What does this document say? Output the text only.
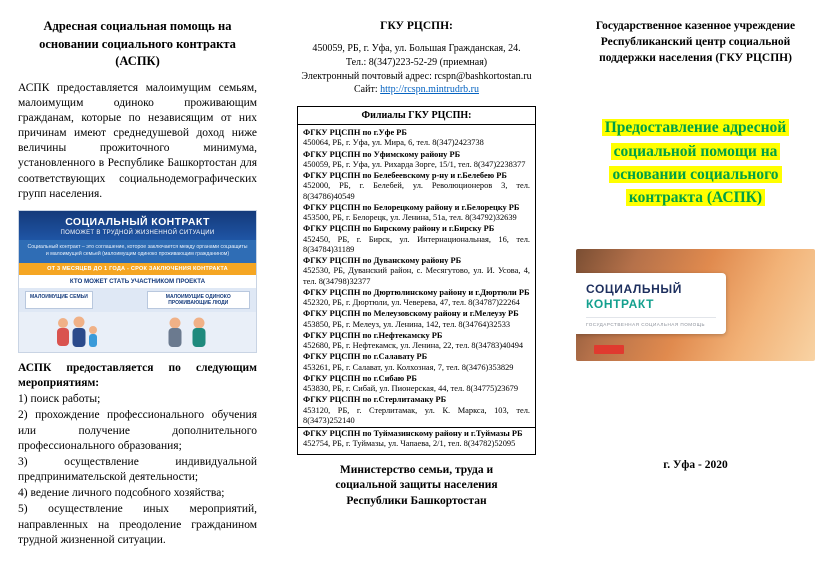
Адресная социальная помощь на основании социального контракта (АСПК)

АСПК предоставляется малоимущим семьям, малоимущим одиноко проживающим гражданам, которые по независящим от них причинам имеют среднедушевой доход ниже величины прожиточного минимума, установленного в Республике Башкортостан для соответствующих социальнодемографических групп населения.

СОЦИАЛЬНЫЙ КОНТРАКТ
ПОМОЖЕТ В ТРУДНОЙ ЖИЗНЕННОЙ СИТУАЦИИ
Социальный контракт – это соглашение, которое заключается между органами соцзащиты и малоимущей семьей (малоимущим одиноко проживающим гражданином)
ОТ 3 МЕСЯЦЕВ ДО 1 ГОДА - СРОК ЗАКЛЮЧЕНИЯ КОНТРАКТА
КТО МОЖЕТ СТАТЬ УЧАСТНИКОМ ПРОЕКТА
МАЛОИМУЩИЕ СЕМЬИ	МАЛОИМУЩИЕ ОДИНОКО ПРОЖИВАЮЩИЕ ЛЮДИ

АСПК предоставляется по следующим мероприятиям:

1) поиск работы;

2) прохождение профессионального обучения или получение дополнительного профессионального образования;

3) осуществление индивидуальной предпринимательской деятельности;

4) ведение личного подсобного хозяйства;

5) осуществление иных мероприятий, направленных на преодоление гражданином трудной жизненной ситуации.

ГКУ РЦСПН:
450059, РБ, г. Уфа, ул. Большая Гражданская, 24.
Тел.: 8(347)223-52-29 (приемная)
Электронный почтовый адрес: rcspn@bashkortostan.ru
Сайт: http://rcspn.mintrudrb.ru
Филиалы ГКУ РЦСПН:
ФГКУ РЦСПН по г.Уфе РБ
450064, РБ, г. Уфа, ул. Мира, 6, тел. 8(347)2423738
ФГКУ РЦСПН по Уфимскому району РБ
450059, РБ, г. Уфа, ул. Рихарда Зорге, 15/1, тел. 8(347)2238377
ФГКУ РЦСПН по Белебеевскому р-ну и г.Белебею РБ
452000, РБ, г. Белебей, ул. Революционеров 3, тел. 8(34786)40549
ФГКУ РЦСПН по Белорецкому району и г.Белорецку РБ
453500, РБ, г. Белорецк, ул. Ленина, 51а, тел. 8(34792)32639
ФГКУ РЦСПН по Бирскому району и г.Бирску РБ
452450, РБ, г. Бирск, ул. Интернациональная, 16, тел. 8(34784)31189
ФГКУ РЦСПН по Дуванскому району РБ
452530, РБ, Дуванский район, с. Месягутово, ул. И. Усова, 4, тел. 8(34798)32377
ФГКУ РЦСПН по Дюртюлинскому району и г.Дюртюли РБ
452320, РБ, г. Дюртюли, ул. Чеверева, 47, тел. 8(34787)22264
ФГКУ РЦСПН по Мелеузовскому району и г.Мелеузу РБ
453850, РБ, г. Мелеуз, ул. Ленина, 142, тел. 8(34764)32533
ФГКУ РЦСПН по г.Нефтекамску РБ
452680, РБ, г. Нефтекамск, ул. Ленина, 22, тел. 8(34783)40494
ФГКУ РЦСПН по г.Салавату РБ
453261, РБ, г. Салават, ул. Колхозная, 7, тел. 8(3476)353829
ФГКУ РЦСПН по г.Сибаю РБ
453830, РБ, г. Сибай, ул. Пионерская, 44, тел. 8(34775)23679
ФГКУ РЦСПН по г.Стерлитамаку РБ
453120, РБ, г. Стерлитамак, ул. К. Маркса, 103, тел. 8(3473)252140
ФГКУ РЦСПН по Туймазинскому району и г.Туймазы РБ
452754, РБ, г. Туймазы, ул. Чапаева, 2/1, тел. 8(34782)52095
Министерство семьи, труда и социальной защиты населения Республики Башкортостан
Государственное казенное учреждение Республиканский центр социальной поддержки населения (ГКУ РЦСПН)
Предоставление адресной социальной помощи на основании социального контракта (АСПК)
СОЦИАЛЬНЫЙ
КОНТРАКТ
ГОСУДАРСТВЕННАЯ СОЦИАЛЬНАЯ ПОМОЩЬ
г. Уфа - 2020
